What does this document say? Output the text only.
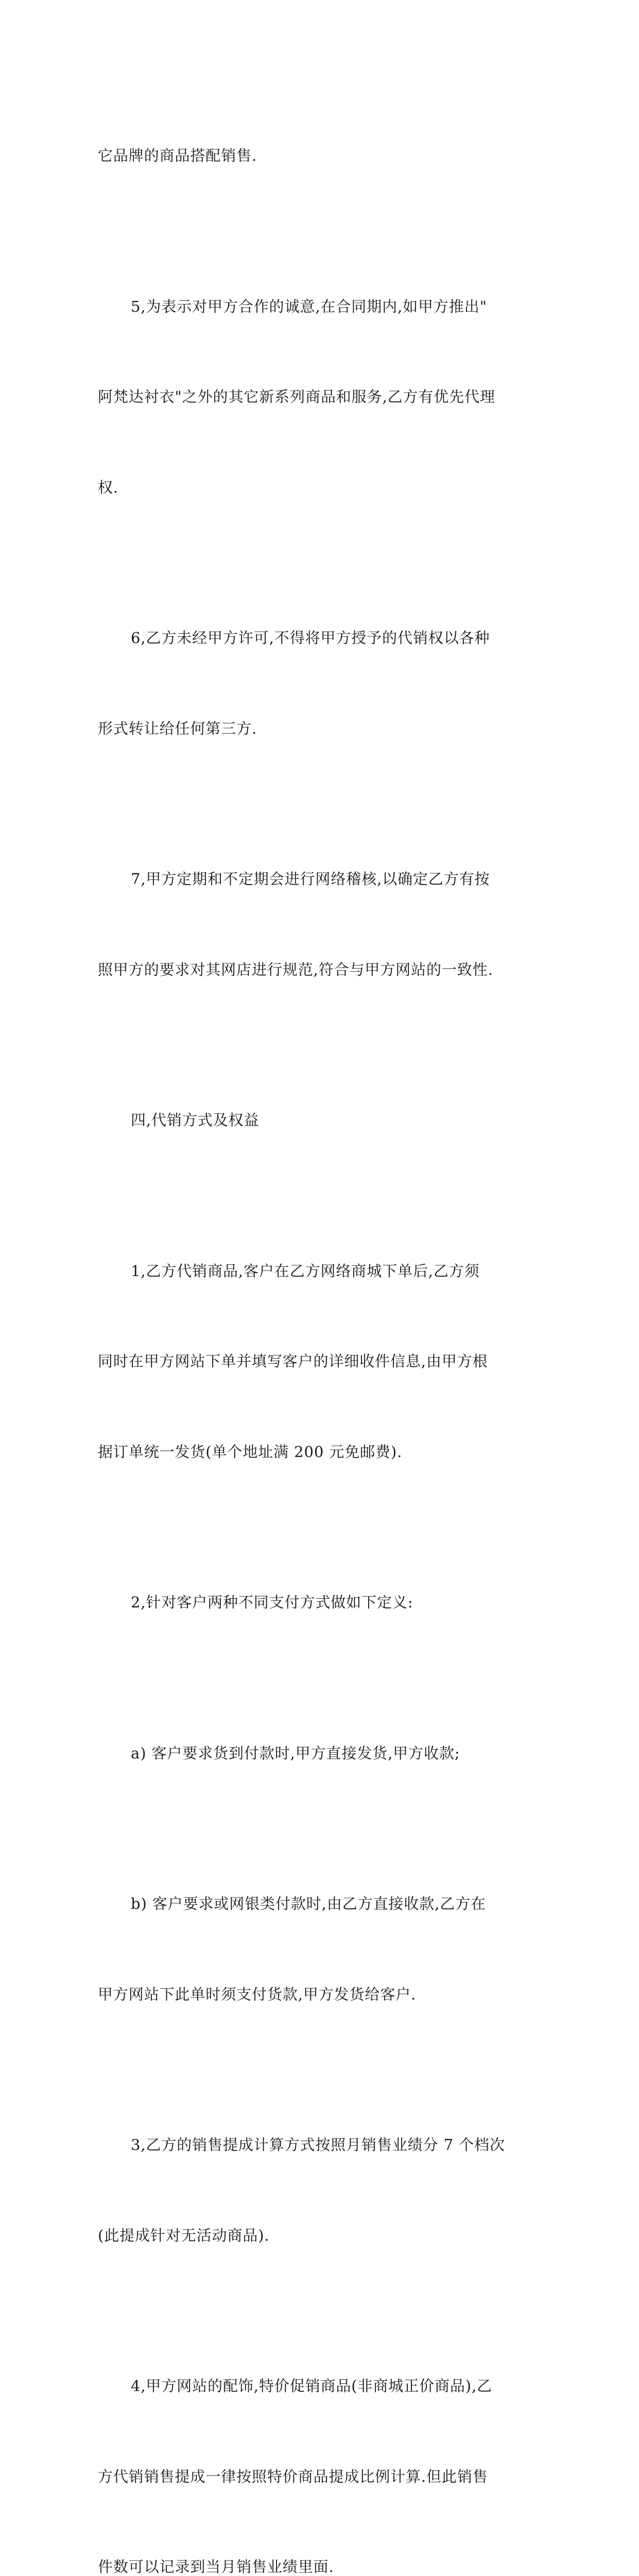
它品牌的商品搭配销售.

5,为表示对甲方合作的诚意,在合同期内,如甲方推出"

阿梵达衬衣"之外的其它新系列商品和服务,乙方有优先代理

权.

6,乙方未经甲方许可,不得将甲方授予的代销权以各种

形式转让给任何第三方.

7,甲方定期和不定期会进行网络稽核,以确定乙方有按

照甲方的要求对其网店进行规范,符合与甲方网站的一致性.

四,代销方式及权益

1,乙方代销商品,客户在乙方网络商城下单后,乙方须

同时在甲方网站下单并填写客户的详细收件信息,由甲方根

据订单统一发货(单个地址满 200 元免邮费).

2,针对客户两种不同支付方式做如下定义:

a) 客户要求货到付款时,甲方直接发货,甲方收款;

b) 客户要求或网银类付款时,由乙方直接收款,乙方在

甲方网站下此单时须支付货款,甲方发货给客户.

3,乙方的销售提成计算方式按照月销售业绩分 7 个档次

(此提成针对无活动商品).

4,甲方网站的配饰,特价促销商品(非商城正价商品),乙

方代销销售提成一律按照特价商品提成比例计算.但此销售

件数可以记录到当月销售业绩里面.
